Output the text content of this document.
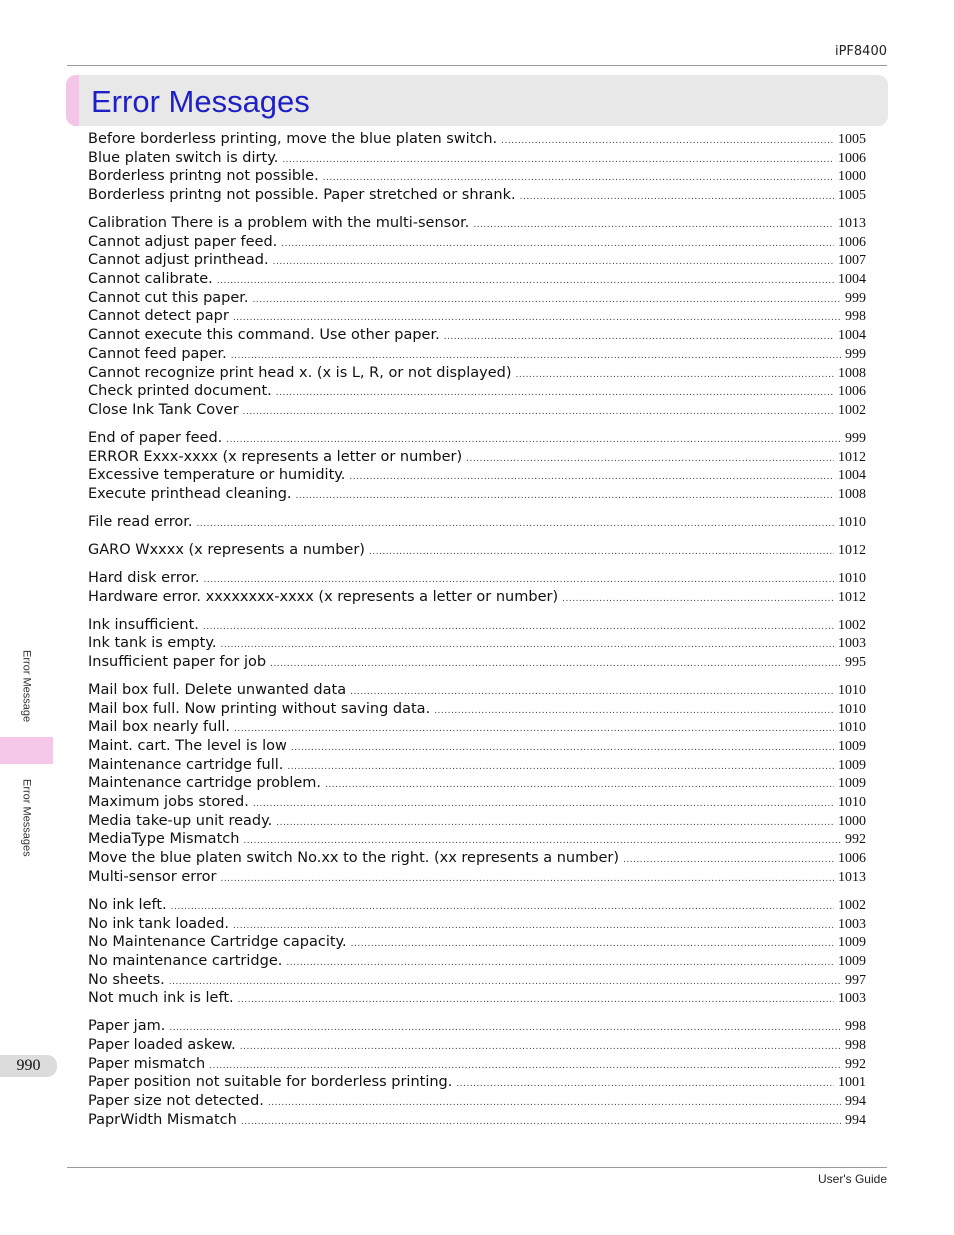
iPF8400
Error Messages
Before borderless printing, move the blue platen switch. .....	1005
Blue platen switch is dirty. .....	1006
Borderless printng not possible. .....	1000
Borderless printng not possible. Paper stretched or shrank. .....	1005
Calibration There is a problem with the multi-sensor. .....	1013
Cannot adjust paper feed. .....	1006
Cannot adjust printhead. .....	1007
Cannot calibrate. .....	1004
Cannot cut this paper. .....	999
Cannot detect papr .....	998
Cannot execute this command. Use other paper. .....	1004
Cannot feed paper. .....	999
Cannot recognize print head x. (x is L, R, or not displayed) .....	1008
Check printed document. .....	1006
Close Ink Tank Cover .....	1002
End of paper feed. .....	999
ERROR Exxx-xxxx (x represents a letter or number) .....	1012
Excessive temperature or humidity. .....	1004
Execute printhead cleaning. .....	1008
File read error. .....	1010
GARO Wxxxx (x represents a number) .....	1012
Hard disk error. .....	1010
Hardware error. xxxxxxxx-xxxx (x represents a letter or number) .....	1012
Ink insufficient. .....	1002
Ink tank is empty. .....	1003
Insufficient paper for job .....	995
Mail box full. Delete unwanted data .....	1010
Mail box full. Now printing without saving data. .....	1010
Mail box nearly full. .....	1010
Maint. cart. The level is low .....	1009
Maintenance cartridge full. .....	1009
Maintenance cartridge problem. .....	1009
Maximum jobs stored. .....	1010
Media take-up unit ready. .....	1000
MediaType Mismatch .....	992
Move the blue platen switch No.xx to the right. (xx represents a number) .....	1006
Multi-sensor error .....	1013
No ink left. .....	1002
No ink tank loaded. .....	1003
No Maintenance Cartridge capacity. .....	1009
No maintenance cartridge. .....	1009
No sheets. .....	997
Not much ink is left. .....	1003
Paper jam. .....	998
Paper loaded askew. .....	998
Paper mismatch .....	992
Paper position not suitable for borderless printing. .....	1001
Paper size not detected. .....	994
PaprWidth Mismatch .....	994
Error Message
Error Messages
990
User's Guide
